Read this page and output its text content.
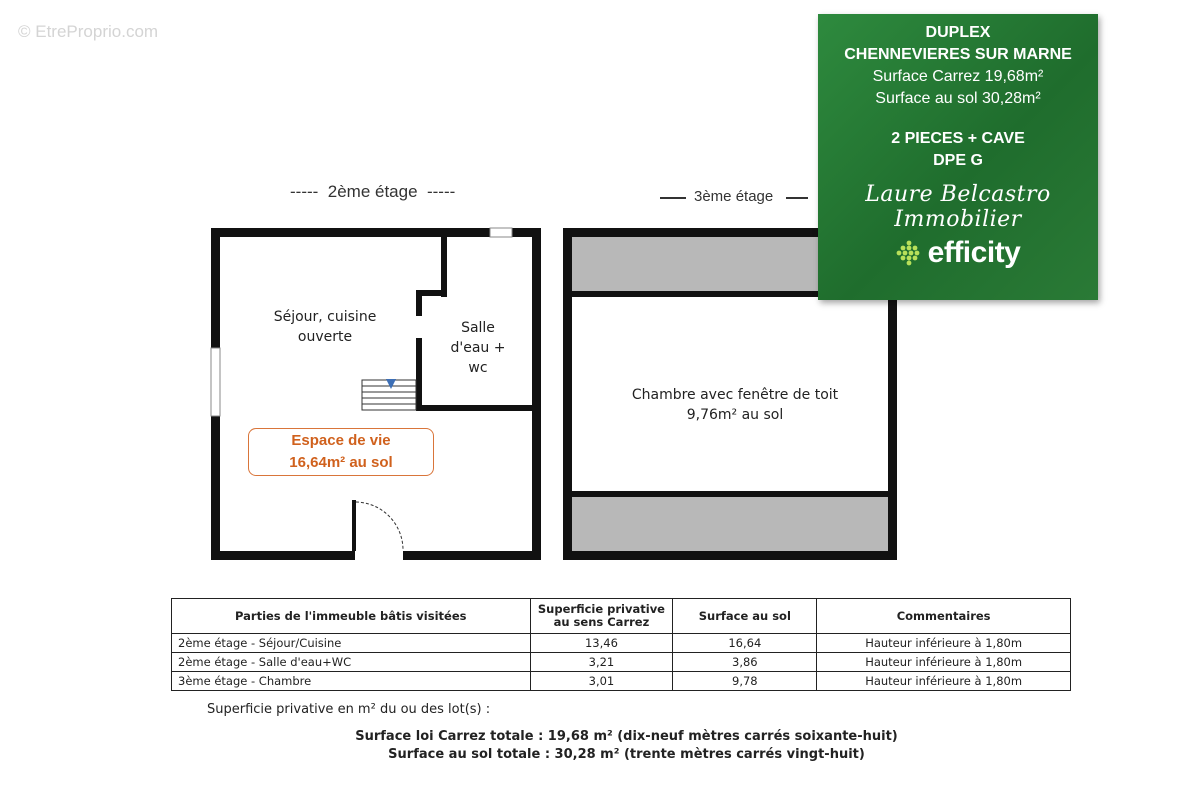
© EtreProprio.com
-----  2ème étage  -----	3ème étage
Séjour, cuisine ouverte
Salle d'eau + wc
Chambre avec fenêtre de toit
9,76m² au sol
Espace de vie
16,64m² au sol
DUPLEX
CHENNEVIERES SUR MARNE
Surface Carrez 19,68m²
Surface au sol 30,28m²
2 PIECES + CAVE
DPE G
Laure Belcastro Immobilier
efficity
Parties de l'immeuble bâtis visitées	Superficie privative au sens Carrez	Surface au sol	Commentaires
2ème étage - Séjour/Cuisine	13,46	16,64	Hauteur inférieure à 1,80m
2ème étage - Salle d'eau+WC	3,21	3,86	Hauteur inférieure à 1,80m
3ème étage - Chambre	3,01	9,78	Hauteur inférieure à 1,80m
Superficie privative en m² du ou des lot(s) :
Surface loi Carrez totale : 19,68 m² (dix-neuf mètres carrés soixante-huit)
Surface au sol totale : 30,28 m² (trente mètres carrés vingt-huit)
